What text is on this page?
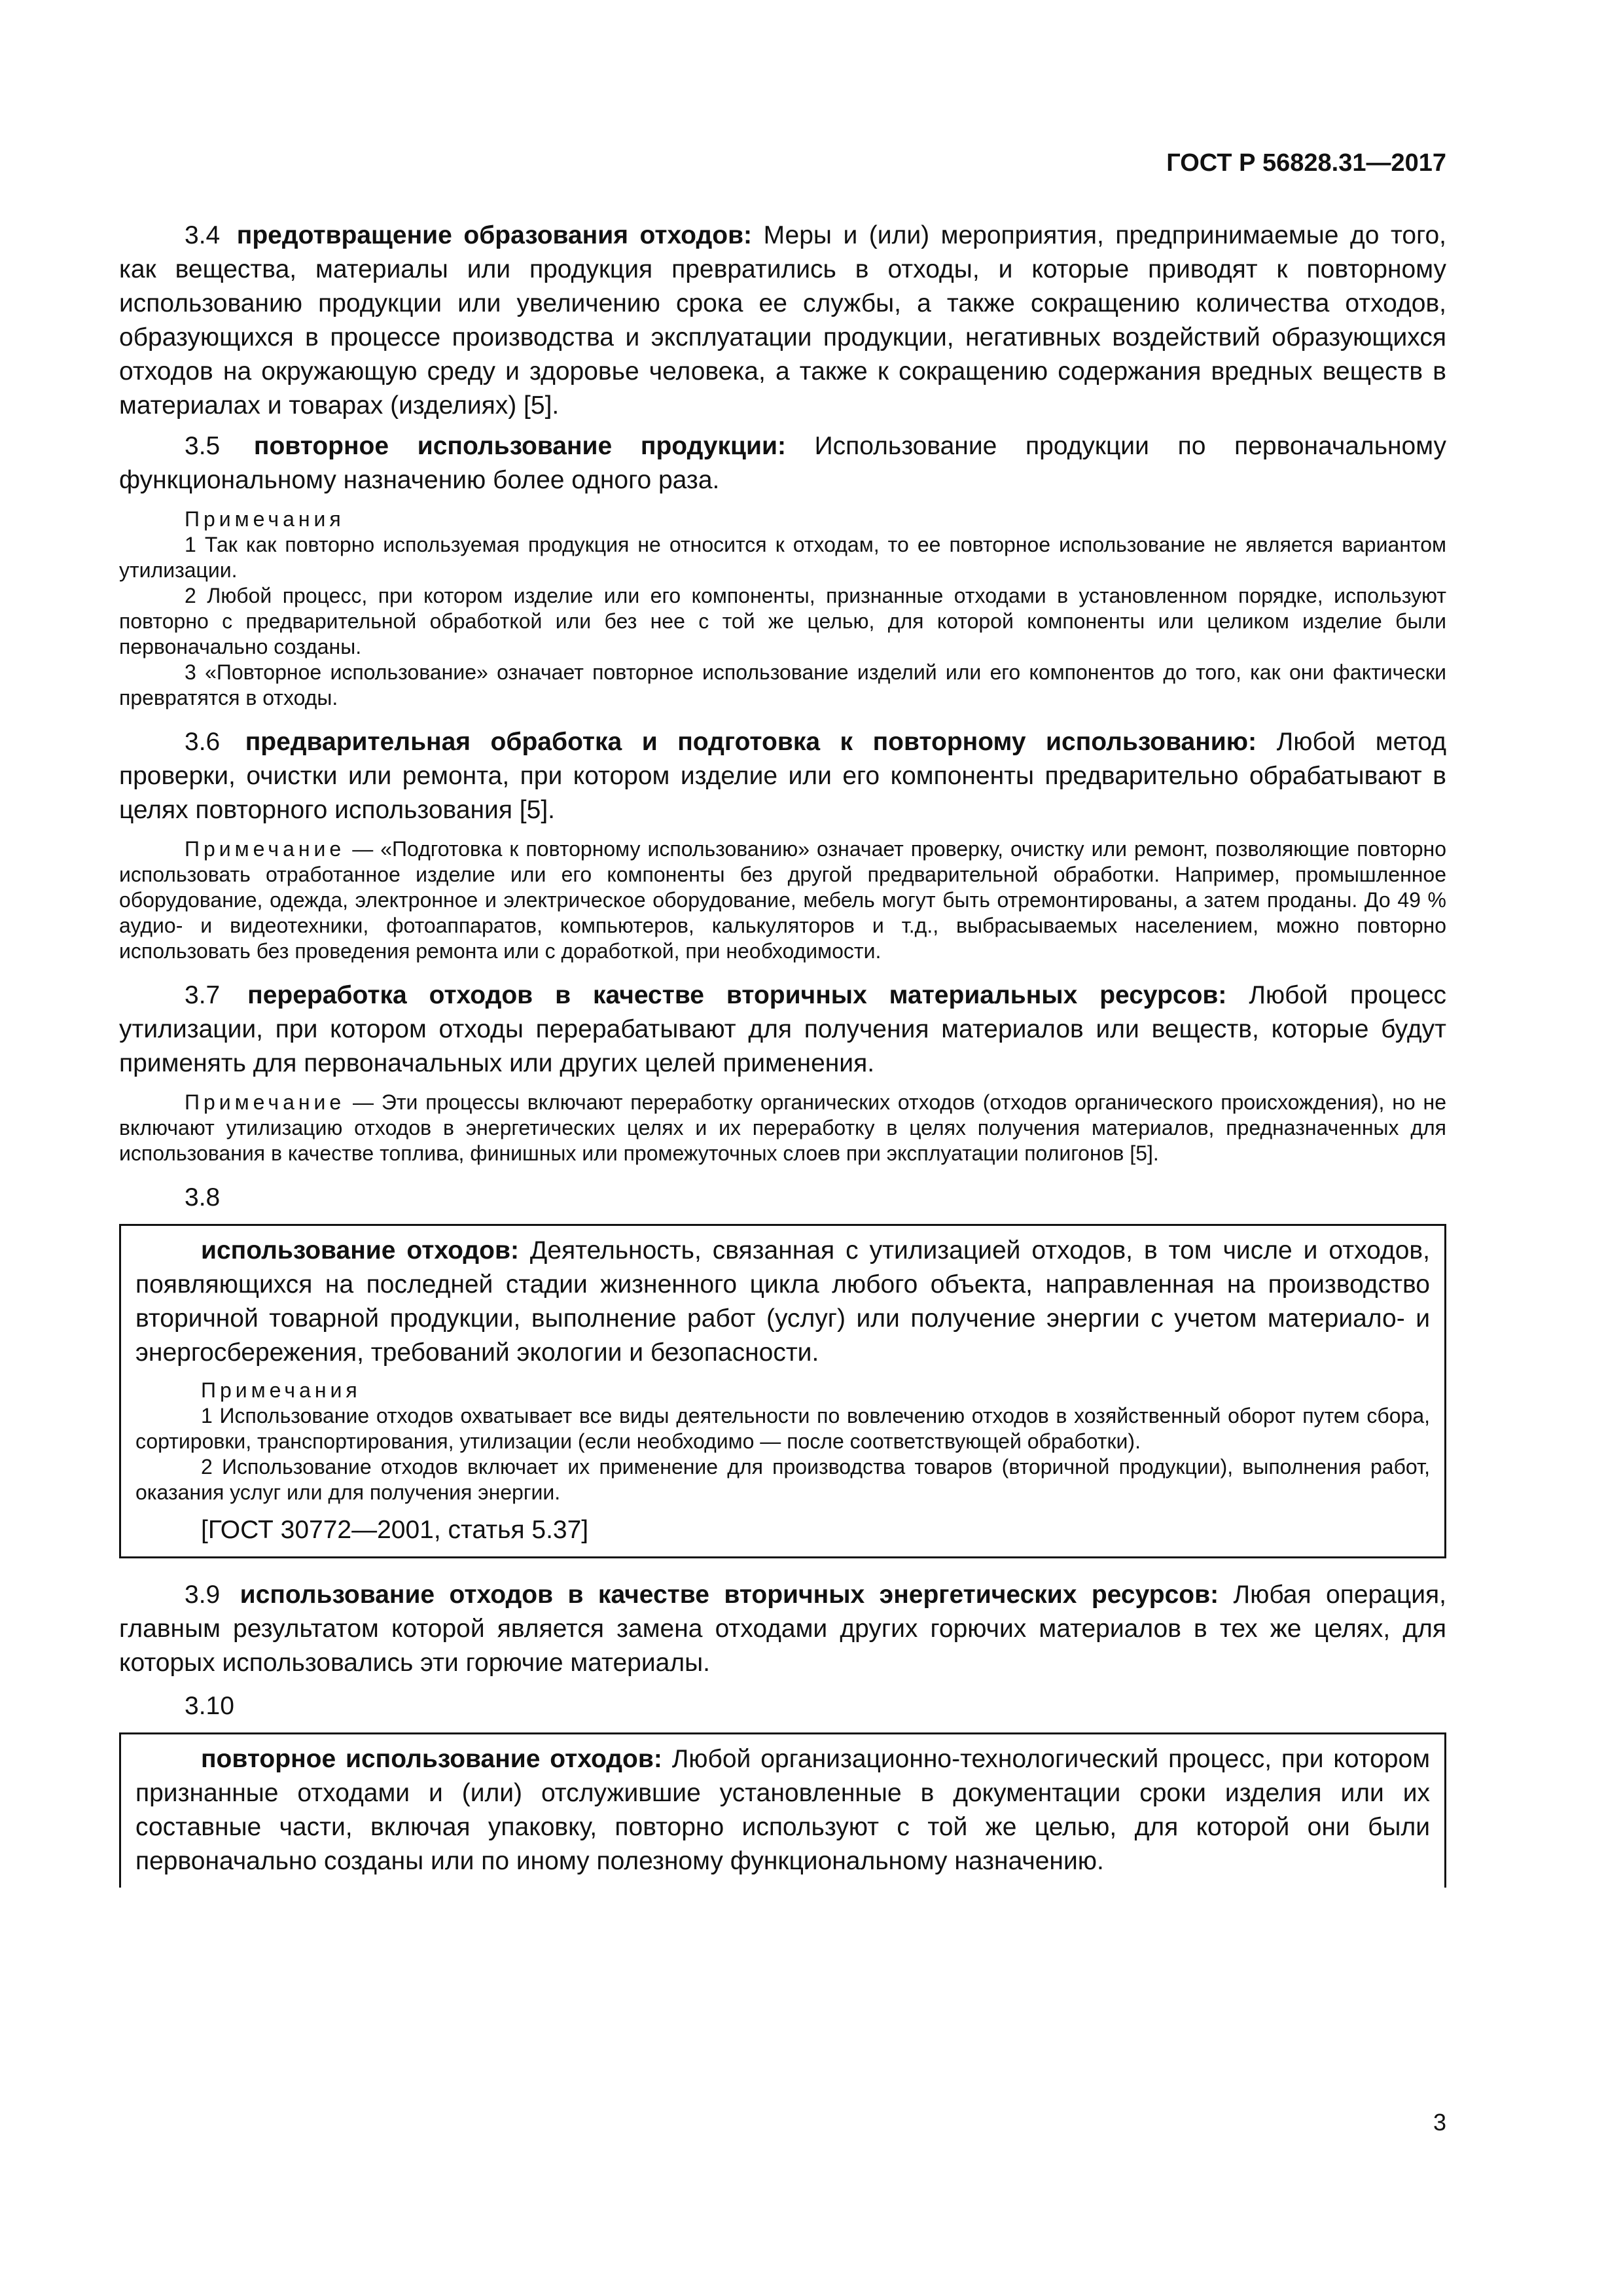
ГОСТ Р 56828.31—2017

3.4 предотвращение образования отходов: Меры и (или) мероприятия, предпринимаемые до того, как вещества, материалы или продукция превратились в отходы, и которые приводят к повторному использованию продукции или увеличению срока ее службы, а также сокращению количества отходов, образующихся в процессе производства и эксплуатации продукции, негативных воздействий образующихся отходов на окружающую среду и здоровье человека, а также к сокращению содержания вредных веществ в материалах и товарах (изделиях) [5].

3.5 повторное использование продукции: Использование продукции по первоначальному функциональному назначению более одного раза.

Примечания

1 Так как повторно используемая продукция не относится к отходам, то ее повторное использование не является вариантом утилизации.

2 Любой процесс, при котором изделие или его компоненты, признанные отходами в установленном порядке, используют повторно с предварительной обработкой или без нее с той же целью, для которой компоненты или целиком изделие были первоначально созданы.

3 «Повторное использование» означает повторное использование изделий или его компонентов до того, как они фактически превратятся в отходы.

3.6 предварительная обработка и подготовка к повторному использованию: Любой метод проверки, очистки или ремонта, при котором изделие или его компоненты предварительно обрабатывают в целях повторного использования [5].

Примечание — «Подготовка к повторному использованию» означает проверку, очистку или ремонт, позволяющие повторно использовать отработанное изделие или его компоненты без другой предварительной обработки. Например, промышленное оборудование, одежда, электронное и электрическое оборудование, мебель могут быть отремонтированы, а затем проданы. До 49 % аудио- и видеотехники, фотоаппаратов, компьютеров, калькуляторов и т.д., выбрасываемых населением, можно повторно использовать без проведения ремонта или с доработкой, при необходимости.

3.7 переработка отходов в качестве вторичных материальных ресурсов: Любой процесс утилизации, при котором отходы перерабатывают для получения материалов или веществ, которые будут применять для первоначальных или других целей применения.

Примечание — Эти процессы включают переработку органических отходов (отходов органического происхождения), но не включают утилизацию отходов в энергетических целях и их переработку в целях получения материалов, предназначенных для использования в качестве топлива, финишных или промежуточных слоев при эксплуатации полигонов [5].

3.8

использование отходов: Деятельность, связанная с утилизацией отходов, в том числе и отходов, появляющихся на последней стадии жизненного цикла любого объекта, направленная на производство вторичной товарной продукции, выполнение работ (услуг) или получение энергии с учетом материало- и энергосбережения, требований экологии и безопасности.

Примечания

1 Использование отходов охватывает все виды деятельности по вовлечению отходов в хозяйственный оборот путем сбора, сортировки, транспортирования, утилизации (если необходимо — после соответствующей обработки).

2 Использование отходов включает их применение для производства товаров (вторичной продукции), выполнения работ, оказания услуг или для получения энергии.

[ГОСТ 30772—2001, статья 5.37]

3.9 использование отходов в качестве вторичных энергетических ресурсов: Любая операция, главным результатом которой является замена отходами других горючих материалов в тех же целях, для которых использовались эти горючие материалы.

3.10

повторное использование отходов: Любой организационно-технологический процесс, при котором признанные отходами и (или) отслужившие установленные в документации сроки изделия или их составные части, включая упаковку, повторно используют с той же целью, для которой они были первоначально созданы или по иному полезному функциональному назначению.

3
